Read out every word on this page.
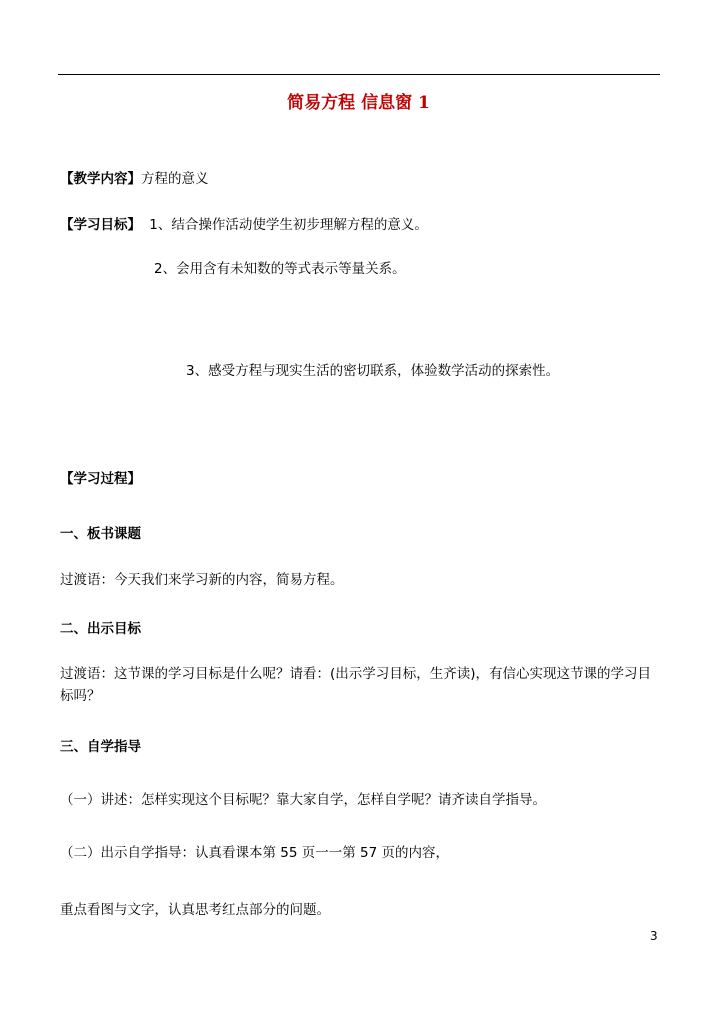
简易方程 信息窗 1
【教学内容】方程的意义
【学习目标】 1、结合操作活动使学生初步理解方程的意义。
2、会用含有未知数的等式表示等量关系。
3、感受方程与现实生活的密切联系，体验数学活动的探索性。
【学习过程】
一、板书课题
过渡语：今天我们来学习新的内容，简易方程。
二、出示目标
过渡语：这节课的学习目标是什么呢？请看：(出示学习目标，生齐读)，有信心实现这节课的学习目标吗？
三、自学指导
（一）讲述：怎样实现这个目标呢？靠大家自学，怎样自学呢？请齐读自学指导。
（二）出示自学指导：认真看课本第 55 页一一第 57 页的内容，
重点看图与文字，认真思考红点部分的问题。
3
